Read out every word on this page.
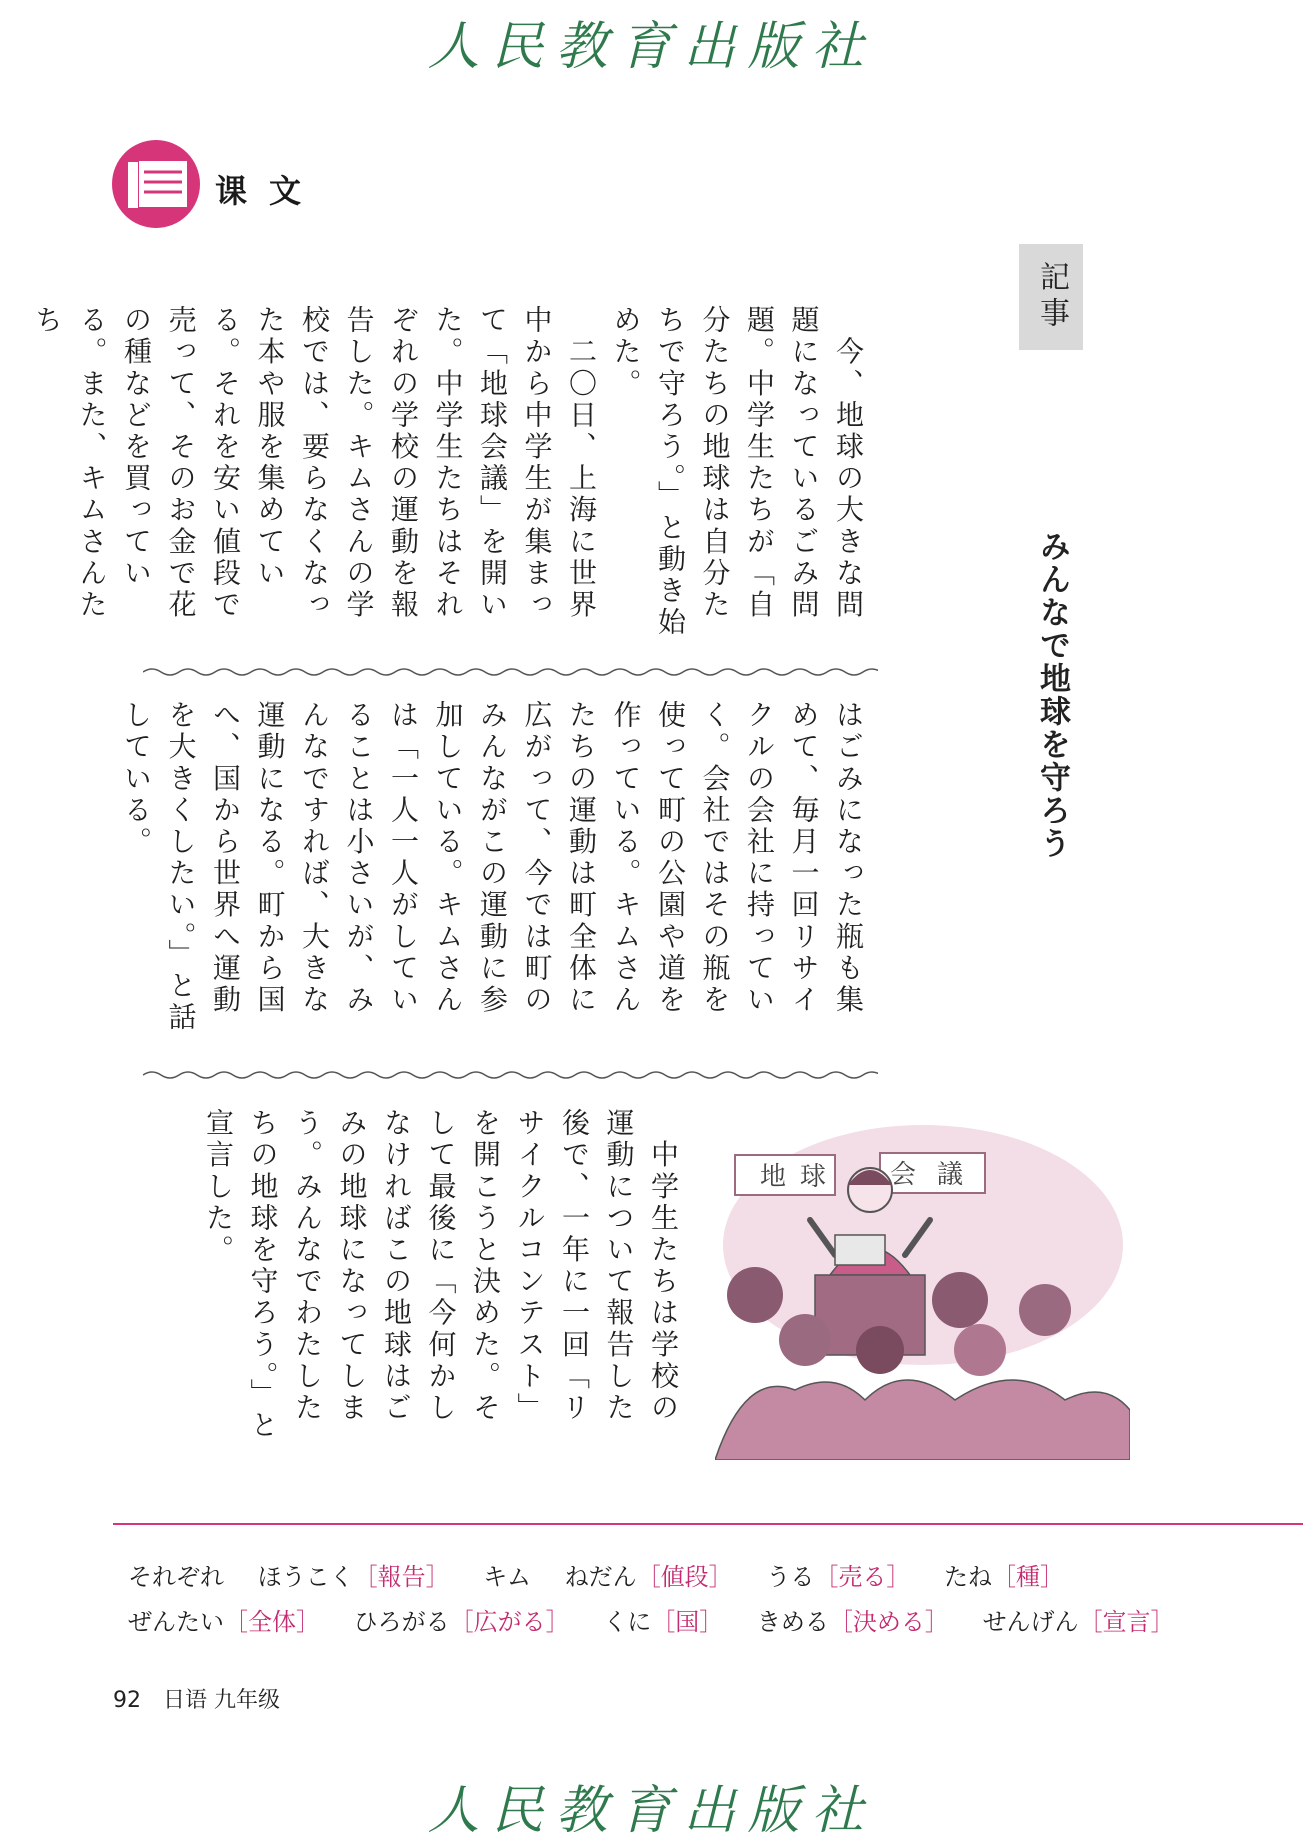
人民教育出版社
课文
記事
みんなで地球を守ろう
　今、地球の大きな問題になっているごみ問題。中学生たちが「自分たちの地球は自分たちで守ろう。」と動き始めた。
　二〇日、上海に世界中から中学生が集まって「地球会議」を開いた。中学生たちはそれぞれの学校の運動を報告した。キムさんの学校では、要らなくなった本や服を集めている。それを安い値段で売って、そのお金で花の種などを買っている。また、キムさんたち
はごみになった瓶も集めて、毎月一回リサイクルの会社に持っていく。会社ではその瓶を使って町の公園や道を作っている。キムさんたちの運動は町全体に広がって、今では町のみんながこの運動に参加している。キムさんは「一人一人がしていることは小さいが、みんなですれば、大きな運動になる。町から国へ、国から世界へ運動を大きくしたい。」と話している。
　中学生たちは学校の運動について報告した後で、一年に一回「リサイクルコンテスト」を開こうと決めた。そして最後に「今何かしなければこの地球はごみの地球になってしまう。みんなでわたしたちの地球を守ろう。」と宣言した。	地 球 会 議
それぞれ ほうこく［報告］ キム ねだん［値段］ うる［売る］ たね［種］
ぜんたい［全体］ ひろがる［広がる］ くに［国］ きめる［決める］ せんげん［宣言］
92 日语 九年级
人民教育出版社
